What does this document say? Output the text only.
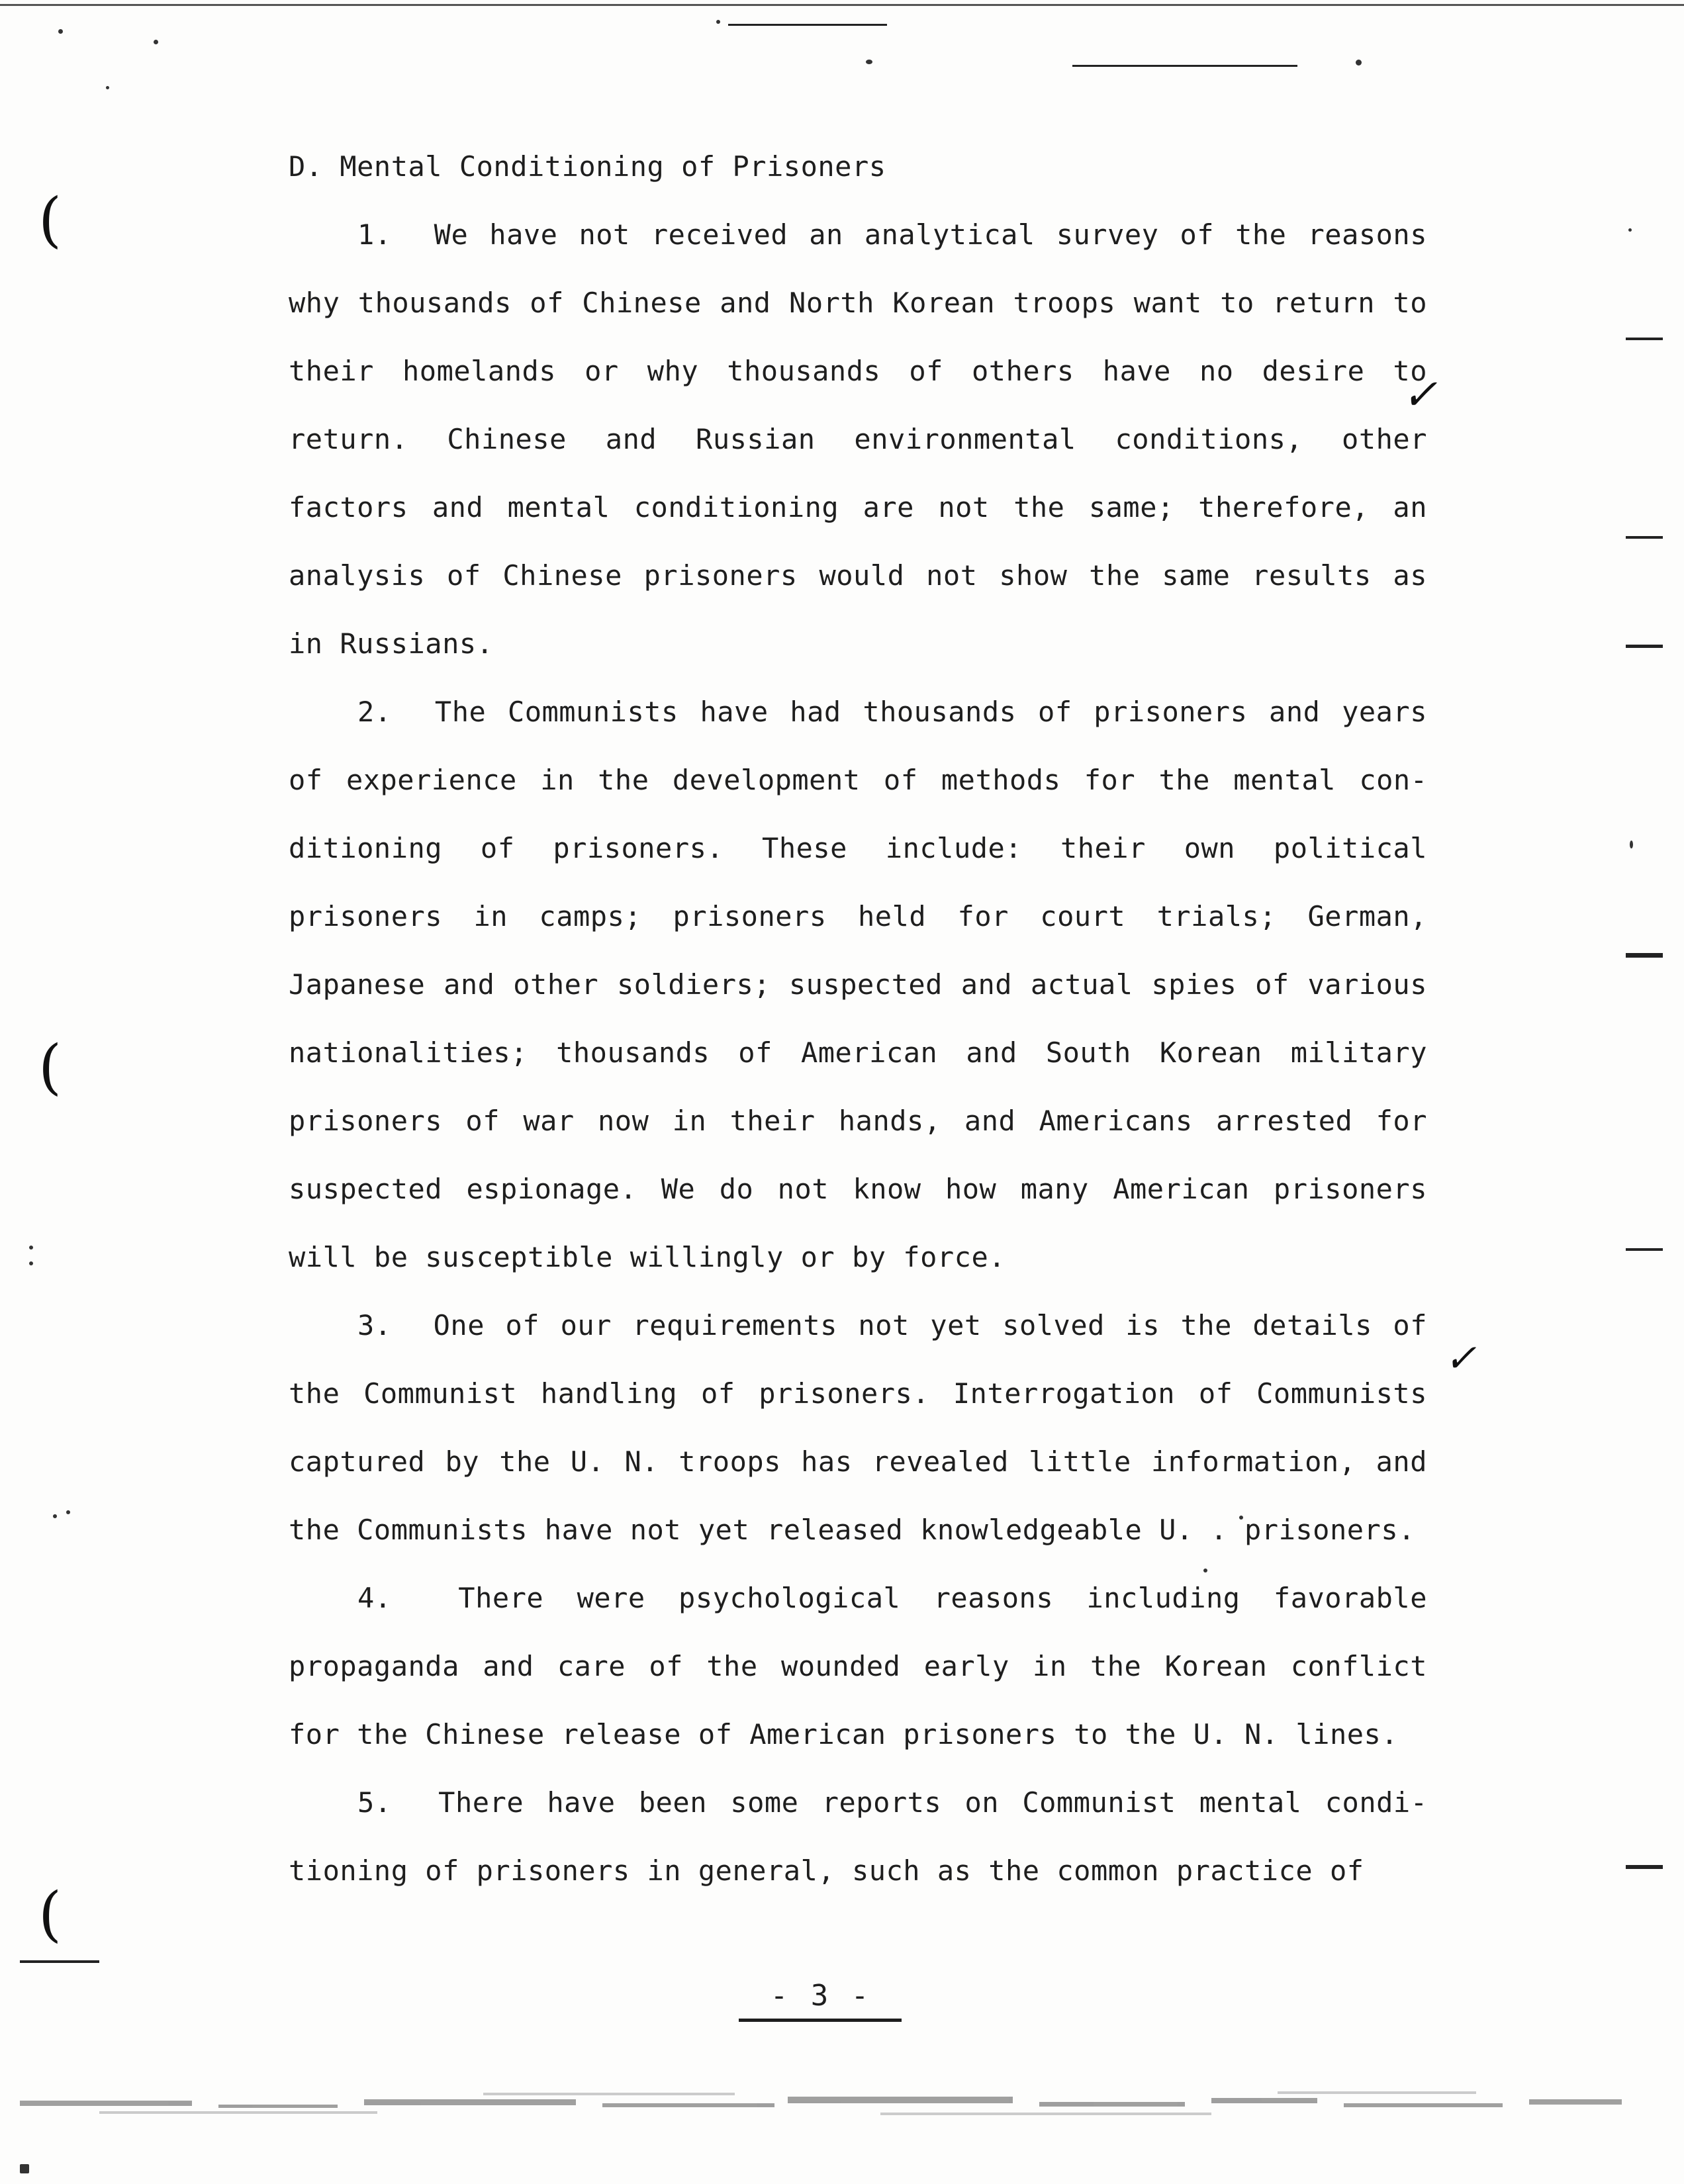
(
(
(
✓
✓

D. Mental Conditioning of Prisoners

1. We have not received an analytical survey of the reasons why thousands of Chinese and North Korean troops want to return to their homelands or why thousands of others have no desire to return. Chinese and Russian environmental conditions, other factors and mental conditioning are not the same; therefore, an analysis of Chinese prisoners would not show the same results as in Russians.

2. The Communists have had thousands of prisoners and years of experience in the development of methods for the mental conditioning of prisoners. These include: their own political prisoners in camps; prisoners held for court trials; German, Japanese and other soldiers; suspected and actual spies of various nationalities; thousands of American and South Korean military prisoners of war now in their hands, and Americans arrested for suspected espionage. We do not know how many American prisoners will be susceptible willingly or by force.

3. One of our requirements not yet solved is the details of the Communist handling of prisoners. Interrogation of Communists captured by the U. N. troops has revealed little information, and the Communists have not yet released knowledgeable U. . prisoners.

4. There were psychological reasons including favorable propaganda and care of the wounded early in the Korean conflict for the Chinese release of American prisoners to the U. N. lines.

5. There have been some reports on Communist mental conditioning of prisoners in general, such as the common practice of

- 3 -
